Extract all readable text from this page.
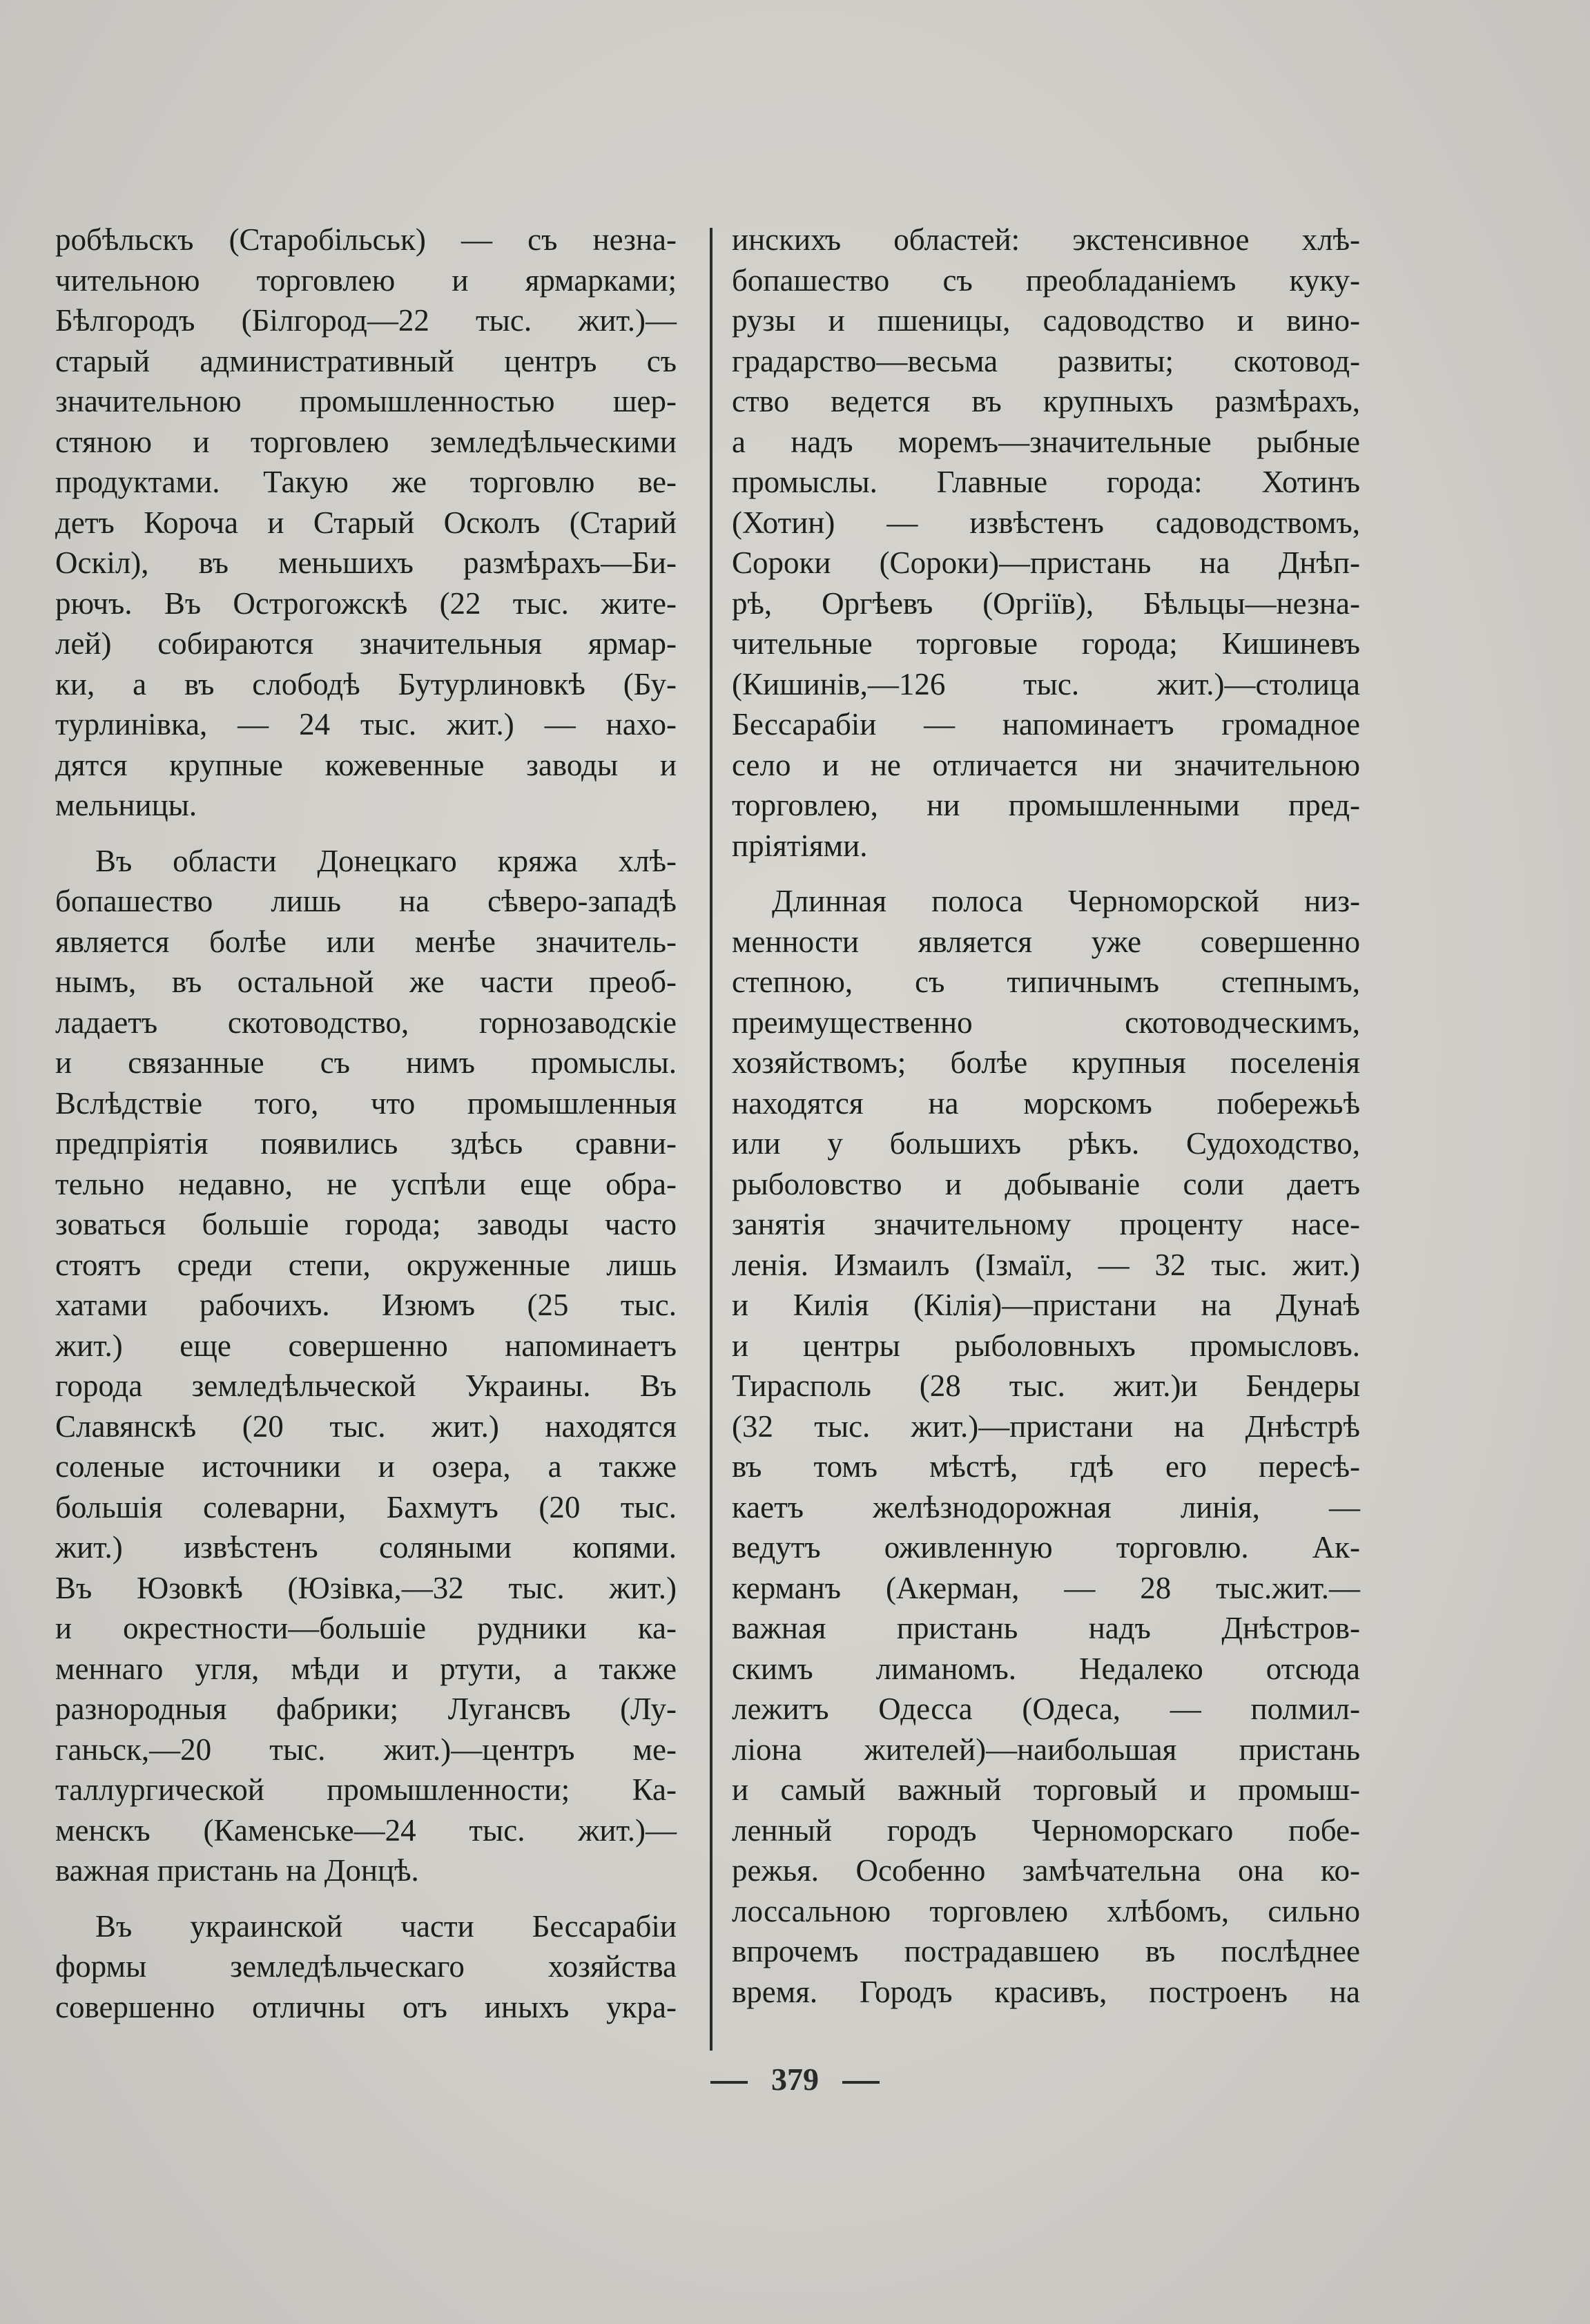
робѣльскъ (Старобільськ) — съ незна-
чительною торговлею и ярмарками;
Бѣлгородъ (Білгород—22 тыс. жит.)—
старый административный центръ съ
значительною промышленностью шер-
стяною и торговлею земледѣльческими
продуктами. Такую же торговлю ве-
детъ Короча и Старый Осколъ (Старий
Оскіл), въ меньшихъ размѣрахъ—Би-
рючъ. Въ Острогожскѣ (22 тыс. жите-
лей) собираются значительныя ярмар-
ки, а въ слободѣ Бутурлиновкѣ (Бу-
турлинівка, — 24 тыс. жит.) — нахо-
дятся крупные кожевенные заводы и
мельницы.
Въ области Донецкаго кряжа хлѣ-
бопашество лишь на сѣверо-западѣ
является болѣе или менѣе значитель-
нымъ, въ остальной же части преоб-
ладаетъ скотоводство, горнозаводскіе
и связанные съ нимъ промыслы.
Вслѣдствіе того, что промышленныя
предпріятія появились здѣсь сравни-
тельно недавно, не успѣли еще обра-
зоваться большіе города; заводы часто
стоятъ среди степи, окруженные лишь
хатами рабочихъ. Изюмъ (25 тыс.
жит.) еще совершенно напоминаетъ
города земледѣльческой Украины. Въ
Славянскѣ (20 тыс. жит.) находятся
соленые источники и озера, а также
большія солеварни, Бахмутъ (20 тыс.
жит.) извѣстенъ соляными копями.
Въ Юзовкѣ (Юзівка,—32 тыс. жит.)
и окрестности—большіе рудники ка-
меннаго угля, мѣди и ртути, а также
разнородныя фабрики; Лугансвъ (Лу-
ганьск,—20 тыс. жит.)—центръ ме-
таллургической промышленности; Ка-
менскъ (Каменське—24 тыс. жит.)—
важная пристань на Донцѣ.
Въ украинской части Бессарабіи
формы земледѣльческаго хозяйства
совершенно отличны отъ иныхъ укра-
инскихъ областей: экстенсивное хлѣ-
бопашество съ преобладаніемъ куку-
рузы и пшеницы, садоводство и вино-
градарство—весьма развиты; скотовод-
ство ведется въ крупныхъ размѣрахъ,
а надъ моремъ—значительные рыбные
промыслы. Главные города: Хотинъ
(Хотин) — извѣстенъ садоводствомъ,
Сороки (Сороки)—пристань на Днѣп-
рѣ, Оргѣевъ (Оргіїв), Бѣльцы—незна-
чительные торговые города; Кишиневъ
(Кишинів,—126 тыс. жит.)—столица
Бессарабіи — напоминаетъ громадное
село и не отличается ни значительною
торговлею, ни промышленными пред-
пріятіями.
Длинная полоса Черноморской низ-
менности является уже совершенно
степною, съ типичнымъ степнымъ,
преимущественно скотоводческимъ,
хозяйствомъ; болѣе крупныя поселенія
находятся на морскомъ побережьѣ
или у большихъ рѣкъ. Судоходство,
рыболовство и добываніе соли даетъ
занятія значительному проценту насе-
ленія. Измаилъ (Ізмаїл, — 32 тыс. жит.)
и Килія (Кілія)—пристани на Дунаѣ
и центры рыболовныхъ промысловъ.
Тирасполь (28 тыс. жит.)и Бендеры
(32 тыс. жит.)—пристани на Днѣстрѣ
въ томъ мѣстѣ, гдѣ его пересѣ-
каетъ желѣзнодорожная линія, —
ведутъ оживленную торговлю. Ак-
керманъ (Акерман, — 28 тыс.жит.—
важная пристань надъ Днѣстров-
скимъ лиманомъ. Недалеко отсюда
лежитъ Одесса (Одеса, — полмил-
ліона жителей)—наибольшая пристань
и самый важный торговый и промыш-
ленный городъ Черноморскаго побе-
режья. Особенно замѣчательна она ко-
лоссальною торговлею хлѣбомъ, сильно
впрочемъ пострадавшею въ послѣднее
время. Городъ красивъ, построенъ на
379
